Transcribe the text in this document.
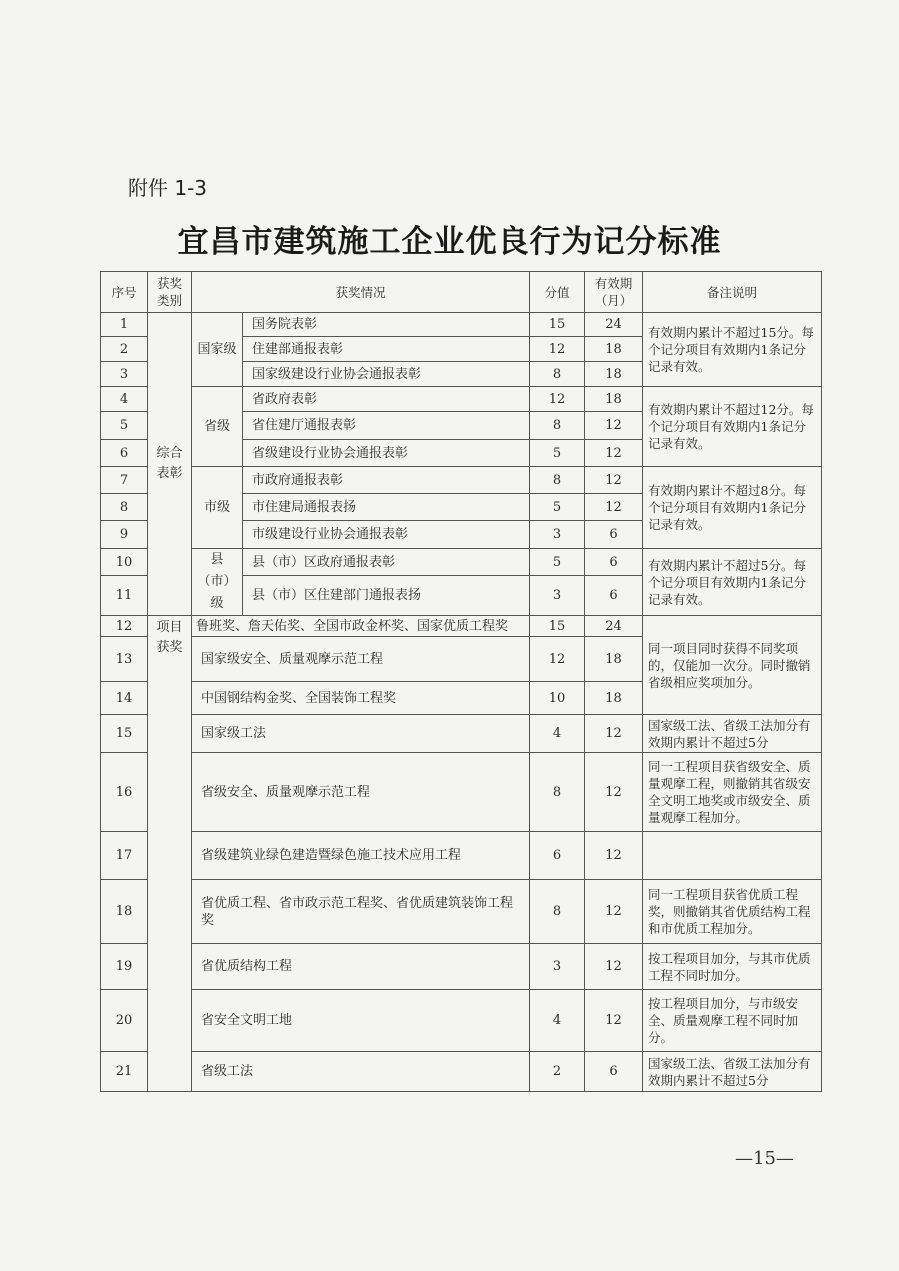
附件 1-3
宜昌市建筑施工企业优良行为记分标准
序号	获奖类别	获奖情况		分值	有效期（月）	备注说明
1	综合表彰	国家级	国务院表彰	15	24	有效期内累计不超过15分。每个记分项目有效期内1条记分记录有效。
2			住建部通报表彰	12	18	
3			国家级建设行业协会通报表彰	8	18	
4		省级	省政府表彰	12	18	有效期内累计不超过12分。每个记分项目有效期内1条记分记录有效。
5			省住建厅通报表彰	8	12	
6			省级建设行业协会通报表彰	5	12	
7		市级	市政府通报表彰	8	12	有效期内累计不超过8分。每个记分项目有效期内1条记分记录有效。
8			市住建局通报表扬	5	12	
9			市级建设行业协会通报表彰	3	6	
10		县（市）级	县（市）区政府通报表彰	5	6	有效期内累计不超过5分。每个记分项目有效期内1条记分记录有效。
11			县（市）区住建部门通报表扬	3	6	
12	项目获奖	鲁班奖、詹天佑奖、全国市政金杯奖、国家优质工程奖		15	24	同一项目同时获得不同奖项的，仅能加一次分。同时撤销省级相应奖项加分。
13		国家级安全、质量观摩示范工程		12	18	
14		中国钢结构金奖、全国装饰工程奖		10	18	
15		国家级工法		4	12	国家级工法、省级工法加分有效期内累计不超过5分
16		省级安全、质量观摩示范工程		8	12	同一工程项目获省级安全、质量观摩工程，则撤销其省级安全文明工地奖或市级安全、质量观摩工程加分。
17		省级建筑业绿色建造暨绿色施工技术应用工程		6	12	
18		省优质工程、省市政示范工程奖、省优质建筑装饰工程奖		8	12	同一工程项目获省优质工程奖，则撤销其省优质结构工程和市优质工程加分。
19		省优质结构工程		3	12	按工程项目加分，与其市优质工程不同时加分。
20		省安全文明工地		4	12	按工程项目加分，与市级安全、质量观摩工程不同时加分。
21		省级工法		2	6	国家级工法、省级工法加分有效期内累计不超过5分
—15—
